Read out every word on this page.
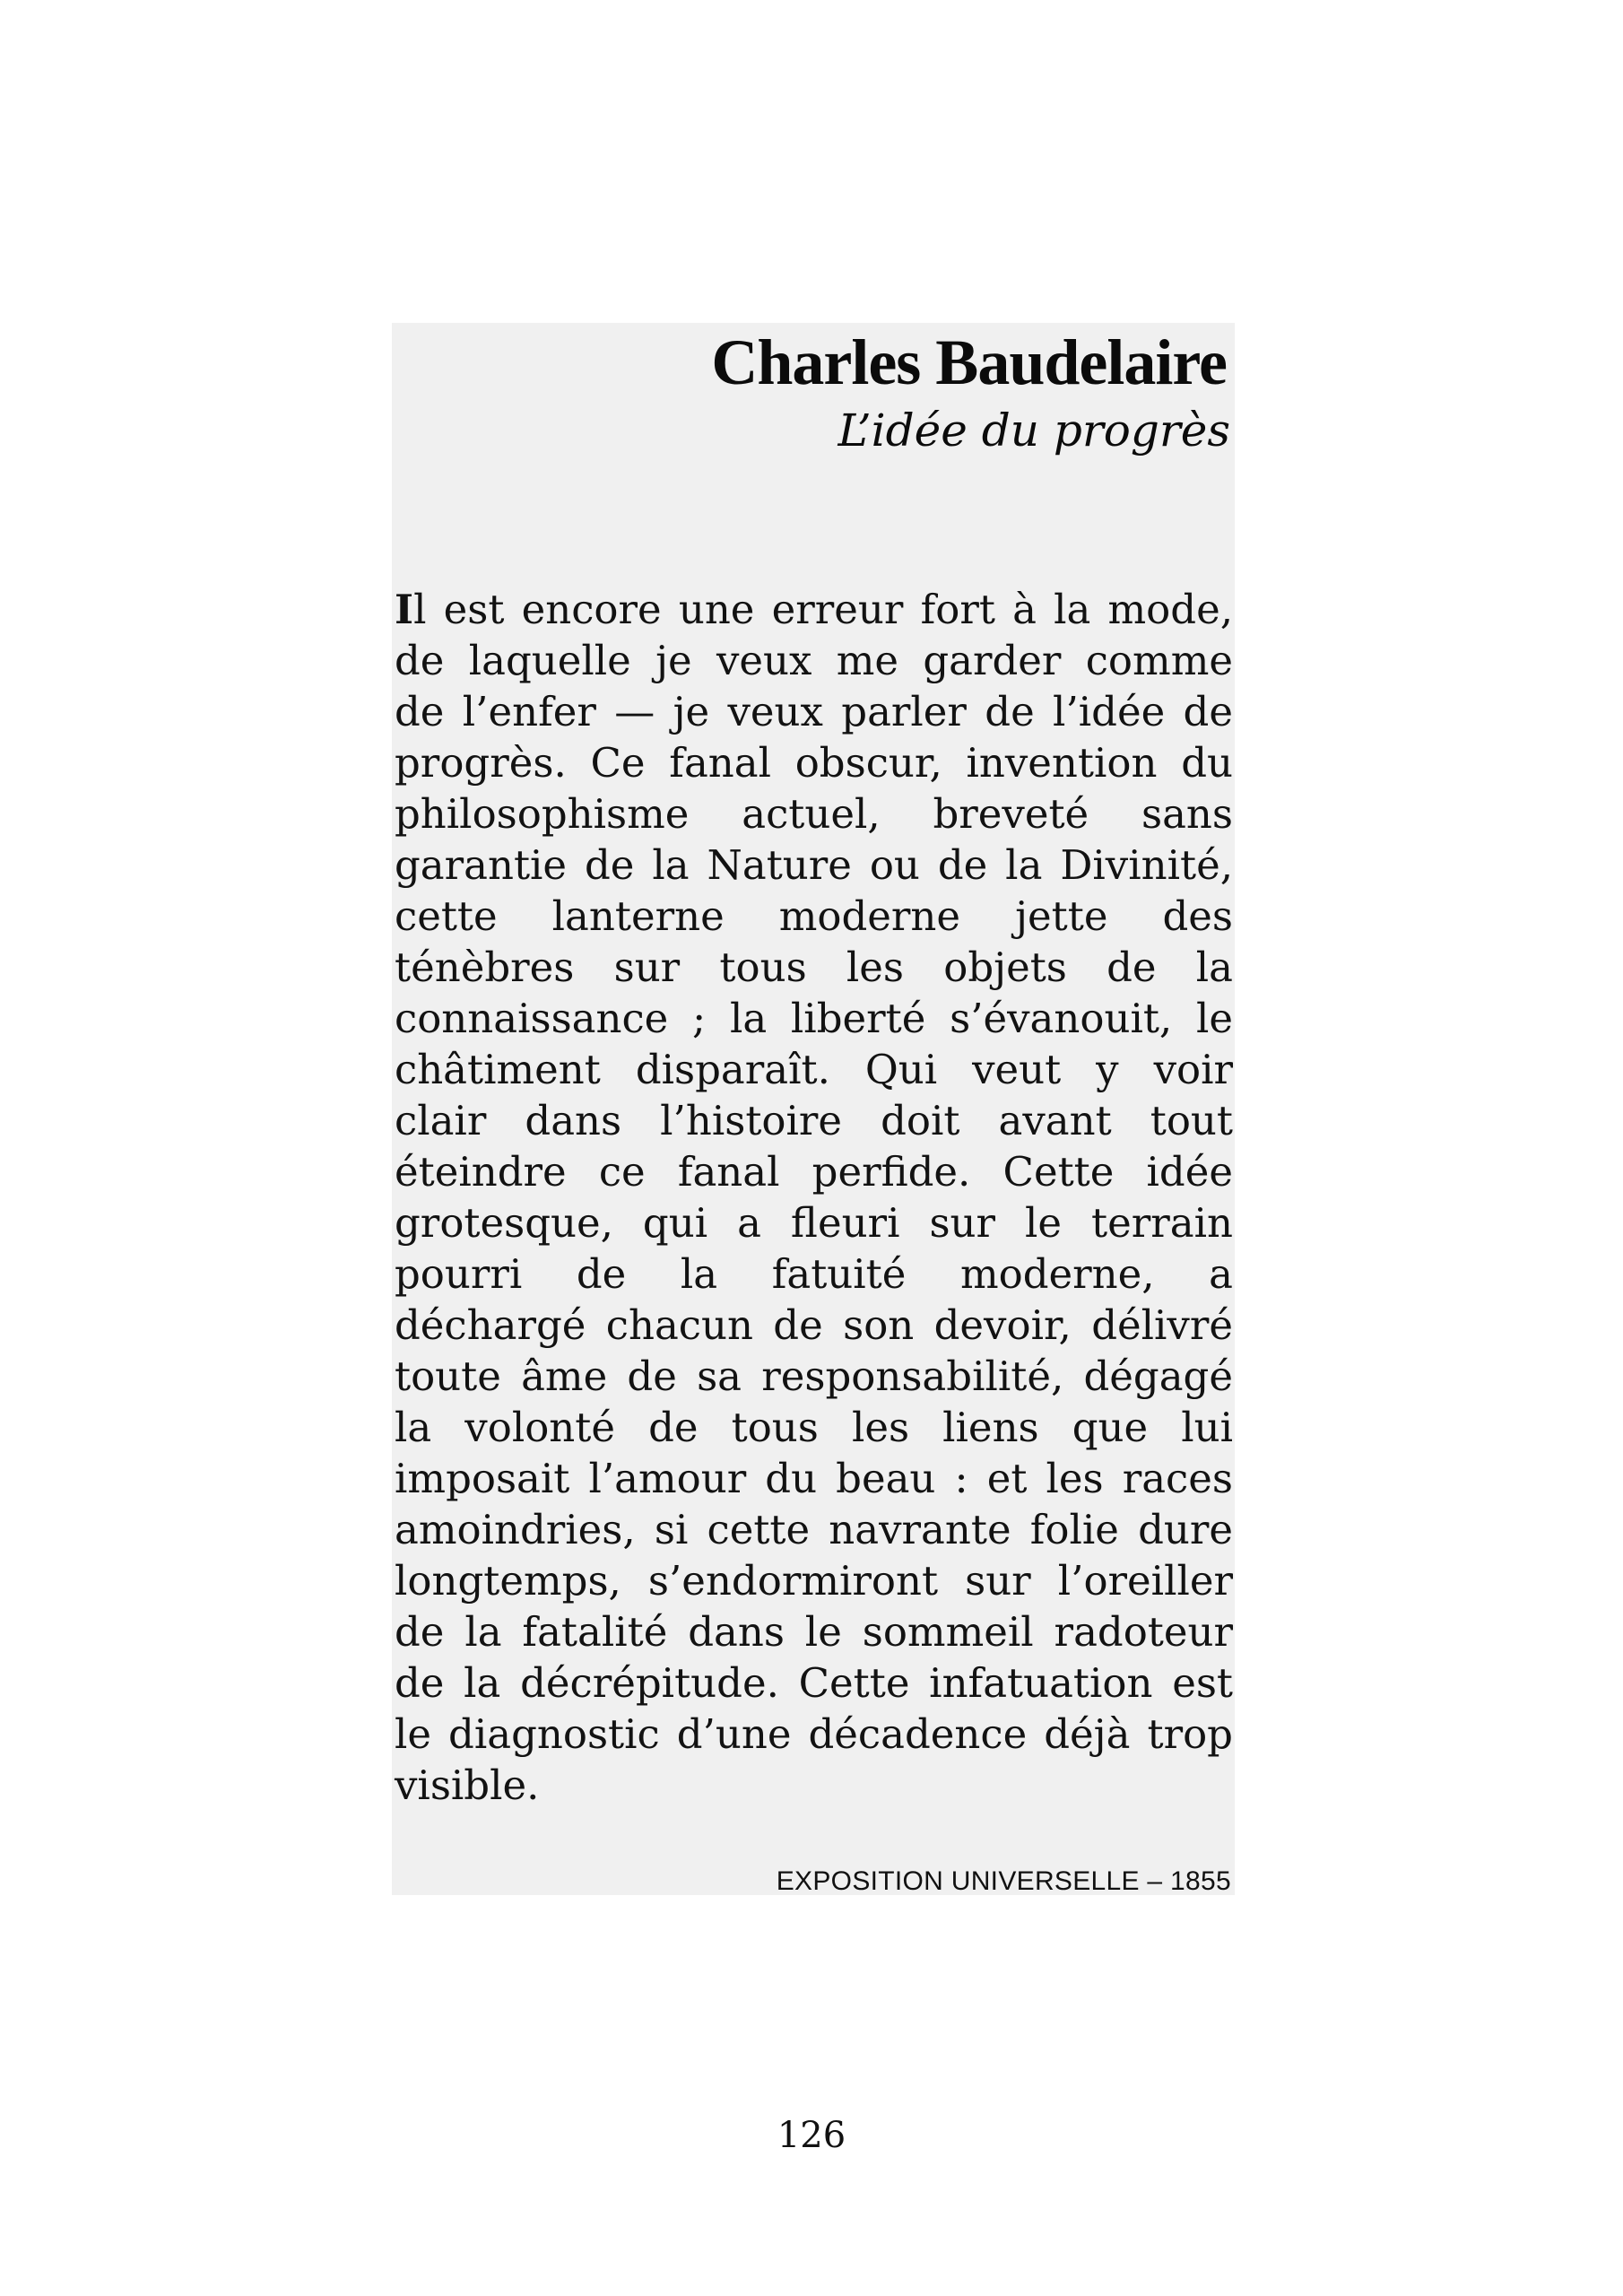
Charles Baudelaire
L’idée du progrès
Il est encore une erreur fort à la mode,
de laquelle je veux me garder comme
de l’enfer — je veux parler de l’idée de
progrès. Ce fanal obscur, invention du
philosophisme actuel, breveté sans
garantie de la Nature ou de la Divinité,
cette lanterne moderne jette des
ténèbres sur tous les objets de la
connaissance ; la liberté s’évanouit, le
châtiment disparaît. Qui veut y voir
clair dans l’histoire doit avant tout
éteindre ce fanal perfide. Cette idée
grotesque, qui a fleuri sur le terrain
pourri de la fatuité moderne, a
déchargé chacun de son devoir, délivré
toute âme de sa responsabilité, dégagé
la volonté de tous les liens que lui
imposait l’amour du beau : et les races
amoindries, si cette navrante folie dure
longtemps, s’endormiront sur l’oreiller
de la fatalité dans le sommeil radoteur
de la décrépitude. Cette infatuation est
le diagnostic d’une décadence déjà trop
visible.
EXPOSITION UNIVERSELLE – 1855
126
